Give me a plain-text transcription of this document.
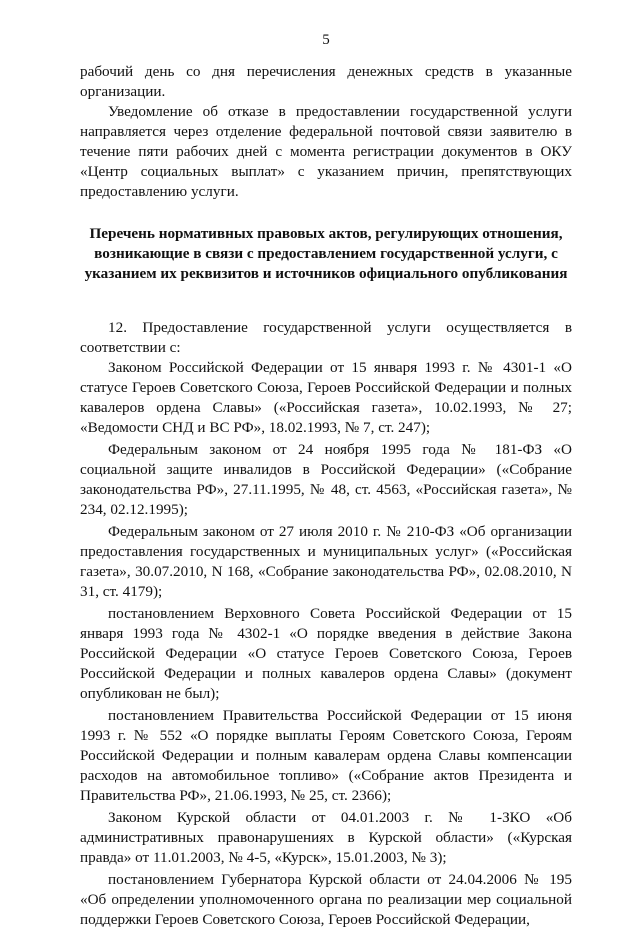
5

рабочий день со дня перечисления денежных средств в указанные организации.

Уведомление об отказе в предоставлении государственной услуги направляется через отделение федеральной почтовой связи заявителю в течение пяти рабочих дней с момента регистрации документов в ОКУ «Центр социальных выплат» с указанием причин, препятствующих предоставлению услуги.

Перечень нормативных правовых актов, регулирующих отношения, возникающие в связи с предоставлением государственной услуги, с указанием их реквизитов и источников официального опубликования

12. Предоставление государственной услуги осуществляется в соответствии с:

Законом Российской Федерации от 15 января 1993 г. № 4301-1 «О статусе Героев Советского Союза, Героев Российской Федерации и полных кавалеров ордена Славы» («Российская газета», 10.02.1993, № 27; «Ведомости СНД и ВС РФ», 18.02.1993, № 7, ст. 247);

Федеральным законом от 24 ноября 1995 года № 181-ФЗ «О социальной защите инвалидов в Российской Федерации» («Собрание законодательства РФ», 27.11.1995, № 48, ст. 4563, «Российская газета», № 234, 02.12.1995);

Федеральным законом от 27 июля 2010 г. № 210-ФЗ «Об организации предоставления государственных и муниципальных услуг» («Российская газета», 30.07.2010, N 168, «Собрание законодательства РФ», 02.08.2010, N 31, ст. 4179);

постановлением Верховного Совета Российской Федерации от 15 января 1993 года № 4302-1 «О порядке введения в действие Закона Российской Федерации «О статусе Героев Советского Союза, Героев Российской Федерации и полных кавалеров ордена Славы» (документ опубликован не был);

постановлением Правительства Российской Федерации от 15 июня 1993 г. № 552 «О порядке выплаты Героям Советского Союза, Героям Российской Федерации и полным кавалерам ордена Славы компенсации расходов на автомобильное топливо» («Собрание актов Президента и Правительства РФ», 21.06.1993, № 25, ст. 2366);

Законом Курской области от 04.01.2003 г. № 1-ЗКО «Об административных правонарушениях в Курской области» («Курская правда» от 11.01.2003, № 4-5, «Курск», 15.01.2003, № 3);

постановлением Губернатора Курской области от 24.04.2006 № 195 «Об определении уполномоченного органа по реализации мер социальной поддержки Героев Советского Союза, Героев Российской Федерации,
